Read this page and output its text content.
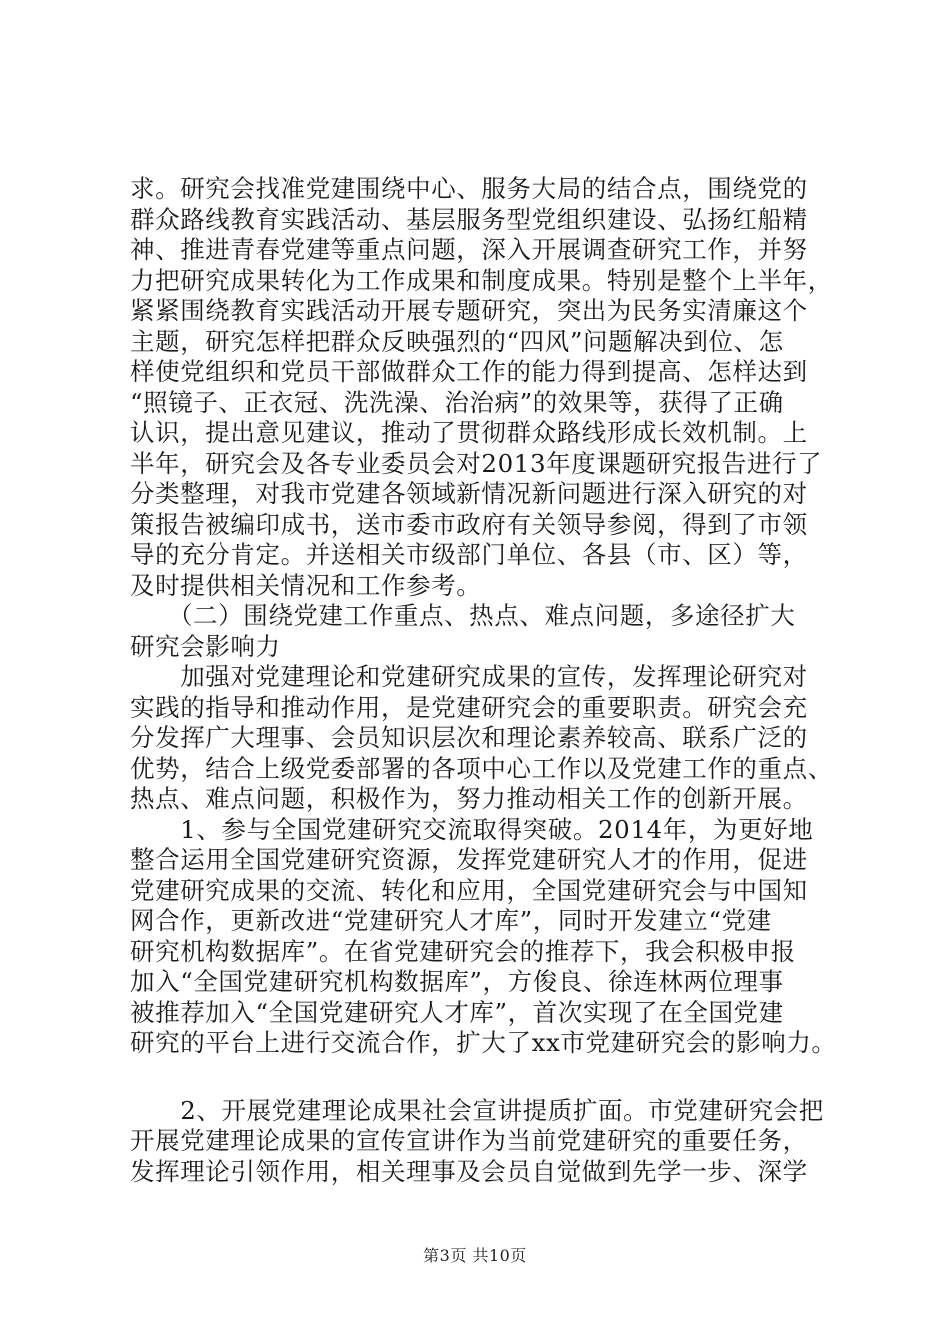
求。研究会找准党建围绕中心、服务大局的结合点，围绕党的
群众路线教育实践活动、基层服务型党组织建设、弘扬红船精
神、推进青春党建等重点问题，深入开展调查研究工作，并努
力把研究成果转化为工作成果和制度成果。特别是整个上半年，
紧紧围绕教育实践活动开展专题研究，突出为民务实清廉这个
主题，研究怎样把群众反映强烈的“四风”问题解决到位、怎
样使党组织和党员干部做群众工作的能力得到提高、怎样达到
“照镜子、正衣冠、洗洗澡、治治病”的效果等，获得了正确
认识，提出意见建议，推动了贯彻群众路线形成长效机制。上
半年，研究会及各专业委员会对2013年度课题研究报告进行了
分类整理，对我市党建各领域新情况新问题进行深入研究的对
策报告被编印成书，送市委市政府有关领导参阅，得到了市领
导的充分肯定。并送相关市级部门单位、各县（市、区）等，
及时提供相关情况和工作参考。
　　（二）围绕党建工作重点、热点、难点问题，多途径扩大
研究会影响力
　　加强对党建理论和党建研究成果的宣传，发挥理论研究对
实践的指导和推动作用，是党建研究会的重要职责。研究会充
分发挥广大理事、会员知识层次和理论素养较高、联系广泛的
优势，结合上级党委部署的各项中心工作以及党建工作的重点、
热点、难点问题，积极作为，努力推动相关工作的创新开展。
　　1、参与全国党建研究交流取得突破。2014年，为更好地
整合运用全国党建研究资源，发挥党建研究人才的作用，促进
党建研究成果的交流、转化和应用，全国党建研究会与中国知
网合作，更新改进“党建研究人才库”，同时开发建立“党建
研究机构数据库”。在省党建研究会的推荐下，我会积极申报
加入“全国党建研究机构数据库”，方俊良、徐连林两位理事
被推荐加入“全国党建研究人才库”，首次实现了在全国党建
研究的平台上进行交流合作，扩大了xx市党建研究会的影响力。
　　2、开展党建理论成果社会宣讲提质扩面。市党建研究会把
开展党建理论成果的宣传宣讲作为当前党建研究的重要任务，
发挥理论引领作用，相关理事及会员自觉做到先学一步、深学
第3页 共10页
